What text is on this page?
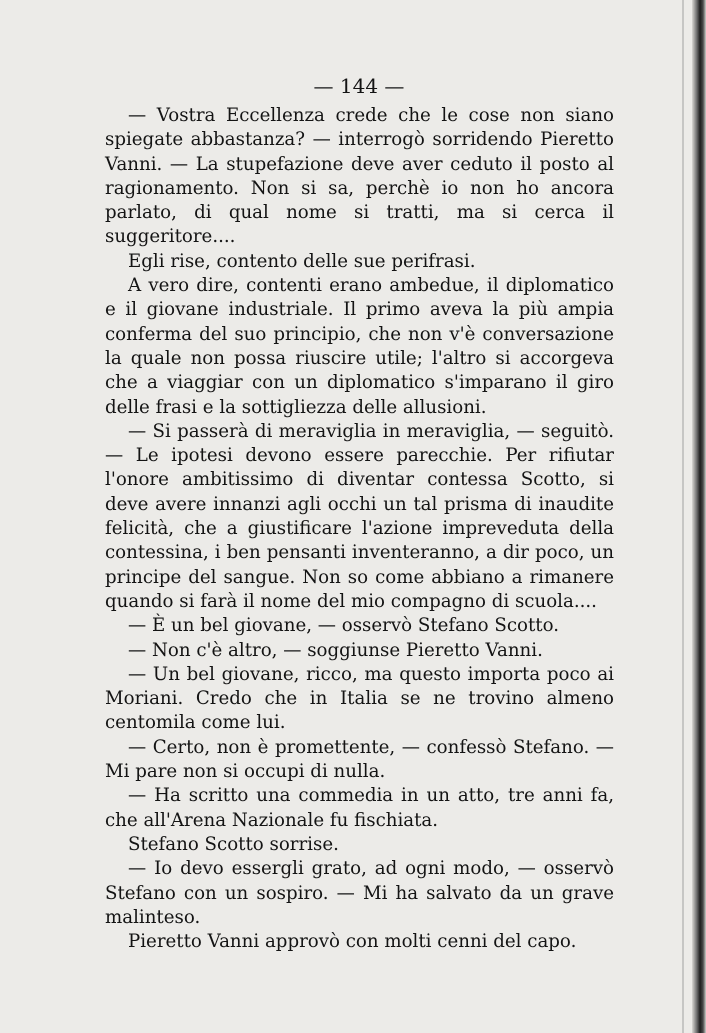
— 144 —

— Vostra Eccellenza crede che le cose non siano spiegate abbastanza? — interrogò sorridendo Pieretto Vanni. — La stupefazione deve aver ceduto il posto al ragionamento. Non si sa, perchè io non ho ancora parlato, di qual nome si tratti, ma si cerca il suggeritore....

Egli rise, contento delle sue perifrasi.

A vero dire, contenti erano ambedue, il diplomatico e il giovane industriale. Il primo aveva la più ampia conferma del suo principio, che non v'è conversazione la quale non possa riuscire utile; l'altro si accorgeva che a viaggiar con un diplomatico s'imparano il giro delle frasi e la sottigliezza delle allusioni.

— Si passerà di meraviglia in meraviglia, — seguitò. — Le ipotesi devono essere parecchie. Per rifiutar l'onore ambitissimo di diventar contessa Scotto, si deve avere innanzi agli occhi un tal prisma di inaudite felicità, che a giustificare l'azione impreveduta della contessina, i ben pensanti inventeranno, a dir poco, un principe del sangue. Non so come abbiano a rimanere quando si farà il nome del mio compagno di scuola....

— È un bel giovane, — osservò Stefano Scotto.

— Non c'è altro, — soggiunse Pieretto Vanni.

— Un bel giovane, ricco, ma questo importa poco ai Moriani. Credo che in Italia se ne trovino almeno centomila come lui.

— Certo, non è promettente, — confessò Stefano. — Mi pare non si occupi di nulla.

— Ha scritto una commedia in un atto, tre anni fa, che all'Arena Nazionale fu fischiata.

Stefano Scotto sorrise.

— Io devo essergli grato, ad ogni modo, — osservò Stefano con un sospiro. — Mi ha salvato da un grave malinteso.

Pieretto Vanni approvò con molti cenni del capo.
